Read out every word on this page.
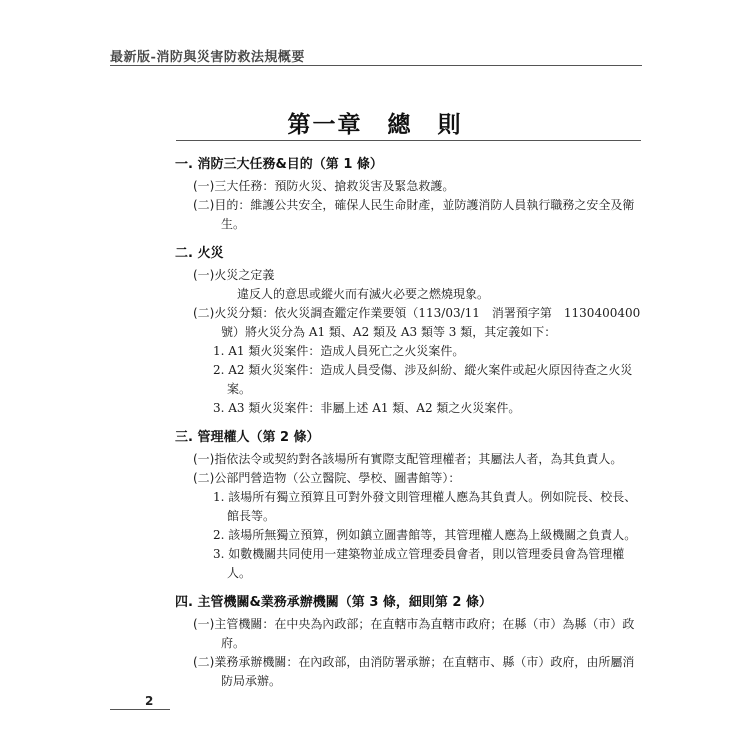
最新版-消防與災害防救法規概要
第一章　總　則
一. 消防三大任務&目的（第 1 條）
(一)三大任務：預防火災、搶救災害及緊急救護。
(二)目的：維護公共安全，確保人民生命財產，並防護消防人員執行職務之安全及衛生。
二. 火災
(一)火災之定義
違反人的意思或縱火而有滅火必要之燃燒現象。
(二)火災分類：依火災調查鑑定作業要領（113/03/11　消署預字第　1130400400號）將火災分為 A1 類、A2 類及 A3 類等 3 類，其定義如下：
1. A1 類火災案件：造成人員死亡之火災案件。
2. A2 類火災案件：造成人員受傷、涉及糾紛、縱火案件或起火原因待查之火災案。
3. A3 類火災案件：非屬上述 A1 類、A2 類之火災案件。
三. 管理權人（第 2 條）
(一)指依法令或契約對各該場所有實際支配管理權者；其屬法人者，為其負責人。
(二)公部門營造物（公立醫院、學校、圖書館等）：
1. 該場所有獨立預算且可對外發文則管理權人應為其負責人。例如院長、校長、館長等。
2. 該場所無獨立預算，例如鎮立圖書館等，其管理權人應為上級機關之負責人。
3. 如數機關共同使用一建築物並成立管理委員會者，則以管理委員會為管理權人。
四. 主管機關&業務承辦機關（第 3 條，細則第 2 條）
(一)主管機關：在中央為內政部；在直轄市為直轄市政府；在縣（市）為縣（市）政府。
(二)業務承辦機關：在內政部，由消防署承辦；在直轄市、縣（市）政府，由所屬消防局承辦。
2
